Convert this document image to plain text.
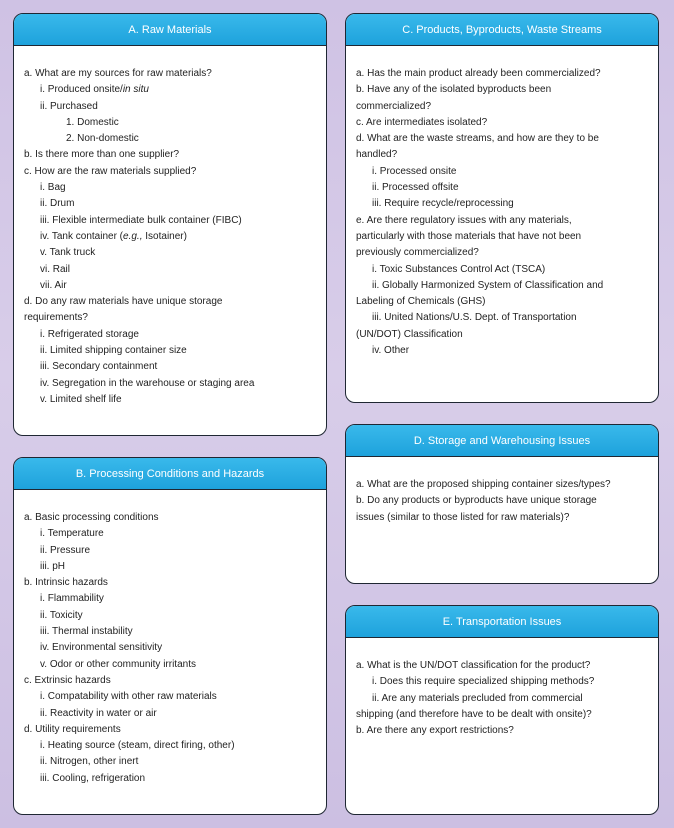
A. Raw Materials
a. What are my sources for raw materials?
i. Produced onsite/in situ
ii. Purchased
1. Domestic
2. Non-domestic
b. Is there more than one supplier?
c. How are the raw materials supplied?
i. Bag
ii. Drum
iii. Flexible intermediate bulk container (FIBC)
iv. Tank container (e.g., Isotainer)
v. Tank truck
vi. Rail
vii. Air
d. Do any raw materials have unique storage
requirements?
i. Refrigerated storage
ii. Limited shipping container size
iii. Secondary containment
iv. Segregation in the warehouse or staging area
v. Limited shelf life
B. Processing Conditions and Hazards
a. Basic processing conditions
i. Temperature
ii. Pressure
iii. pH
b. Intrinsic hazards
i. Flammability
ii. Toxicity
iii. Thermal instability
iv. Environmental sensitivity
v. Odor or other community irritants
c. Extrinsic hazards
i. Compatability with other raw materials
ii. Reactivity in water or air
d. Utility requirements
i. Heating source (steam, direct firing, other)
ii. Nitrogen, other inert
iii. Cooling, refrigeration
C. Products, Byproducts, Waste Streams
a. Has the main product already been commercialized?
b. Have any of the isolated byproducts been
commercialized?
c. Are intermediates isolated?
d. What are the waste streams, and how are they to be
handled?
i. Processed onsite
ii. Processed offsite
iii. Require recycle/reprocessing
e. Are there regulatory issues with any materials,
particularly with those materials that have not been
previously commercialized?
i. Toxic Substances Control Act (TSCA)
ii. Globally Harmonized System of Classification and
Labeling of Chemicals (GHS)
iii. United Nations/U.S. Dept. of Transportation
(UN/DOT) Classification
iv. Other
D. Storage and Warehousing Issues
a. What are the proposed shipping container sizes/types?
b. Do any products or byproducts have unique storage
issues (similar to those listed for raw materials)?
E. Transportation Issues
a. What is the UN/DOT classification for the product?
i. Does this require specialized shipping methods?
ii. Are any materials precluded from commercial
shipping (and therefore have to be dealt with onsite)?
b. Are there any export restrictions?
